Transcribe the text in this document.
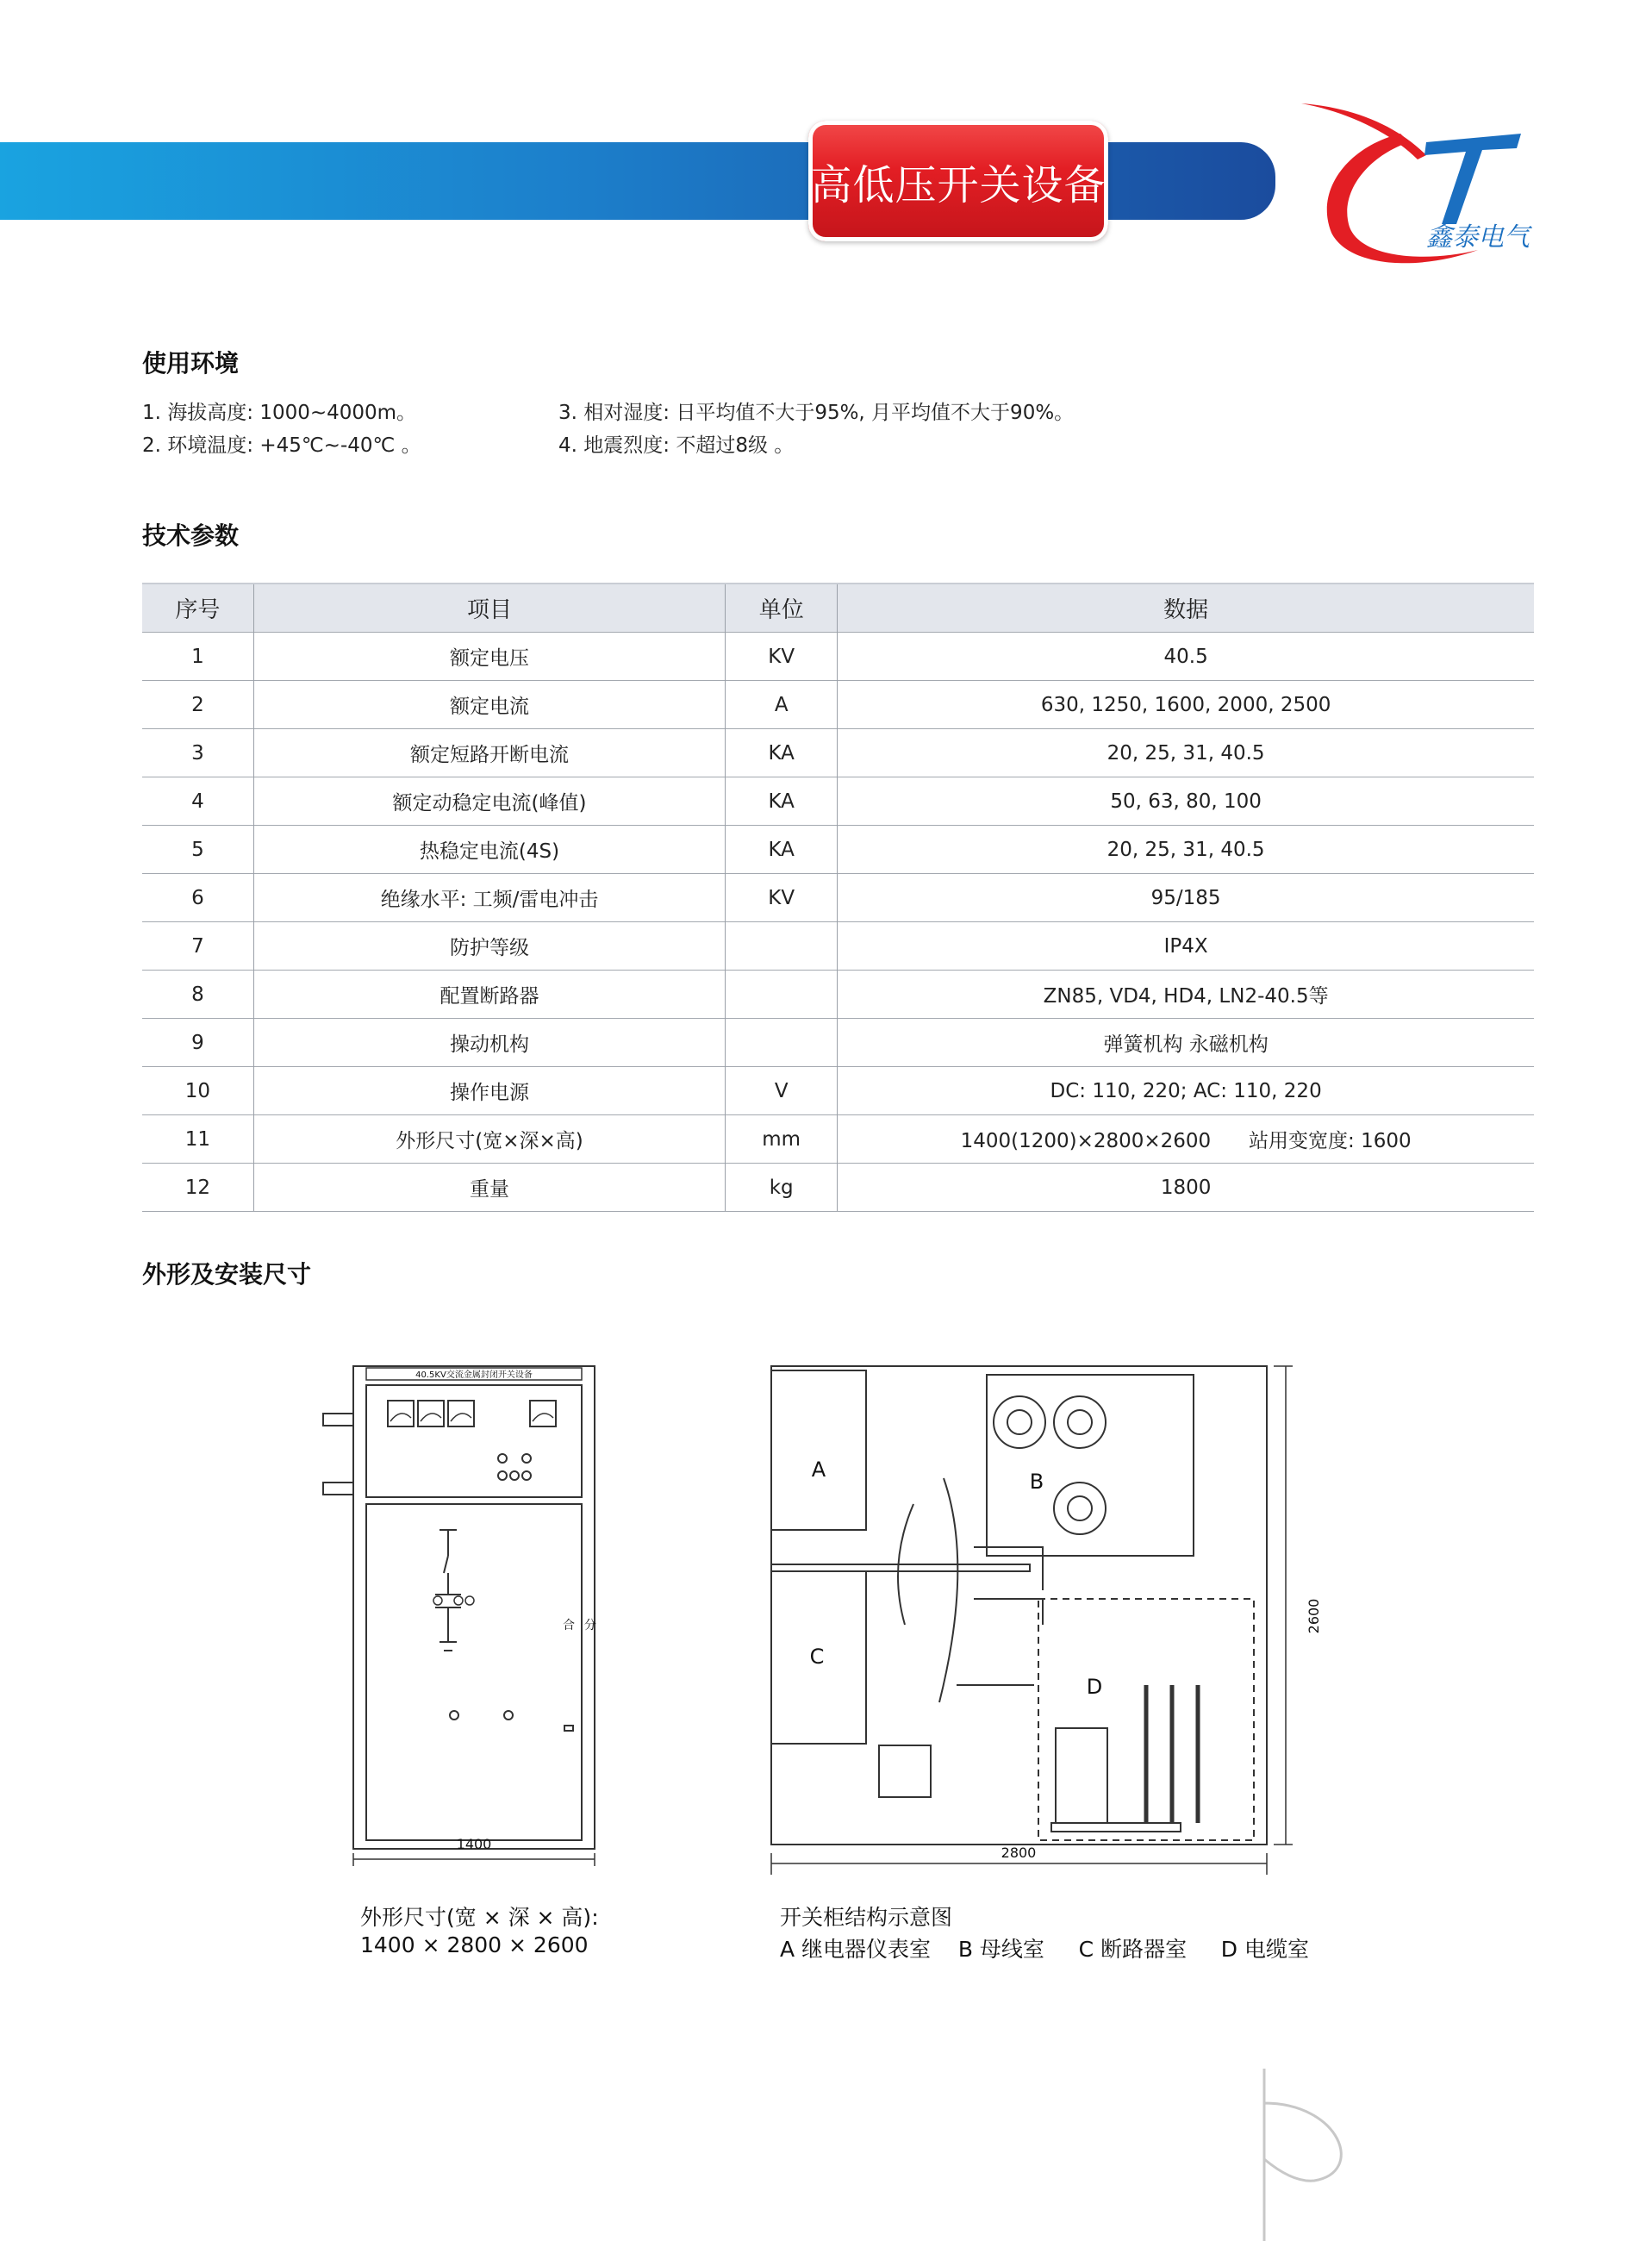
高低压开关设备
鑫泰电气
使用环境
1. 海拔高度: 1000~4000m。
2. 环境温度: +45℃~-40℃ 。
3. 相对湿度: 日平均值不大于95%, 月平均值不大于90%。
4. 地震烈度: 不超过8级 。
技术参数
序号	项目	单位	数据
1	额定电压	KV	40.5
2	额定电流	A	630, 1250, 1600, 2000, 2500
3	额定短路开断电流	KA	20, 25, 31, 40.5
4	额定动稳定电流(峰值)	KA	50, 63, 80, 100
5	热稳定电流(4S)	KA	20, 25, 31, 40.5
6	绝缘水平: 工频/雷电冲击	KV	95/185
7	防护等级		IP4X
8	配置断路器		ZN85, VD4, HD4, LN2-40.5等
9	操动机构		弹簧机构 永磁机构
10	操作电源	V	DC: 110, 220; AC: 110, 220
11	外形尺寸(宽×深×高)	mm	1400(1200)×2800×2600      站用变宽度: 1600
12	重量	kg	1800
外形及安装尺寸
40.5KV交流金属封闭开关设备
合 分
1400
外形尺寸(宽 × 深 × 高):
1400 × 2800 × 2600
A
C
B
D
2800
2600
开关柜结构示意图
A 继电器仪表室    B 母线室     C 断路器室     D 电缆室
